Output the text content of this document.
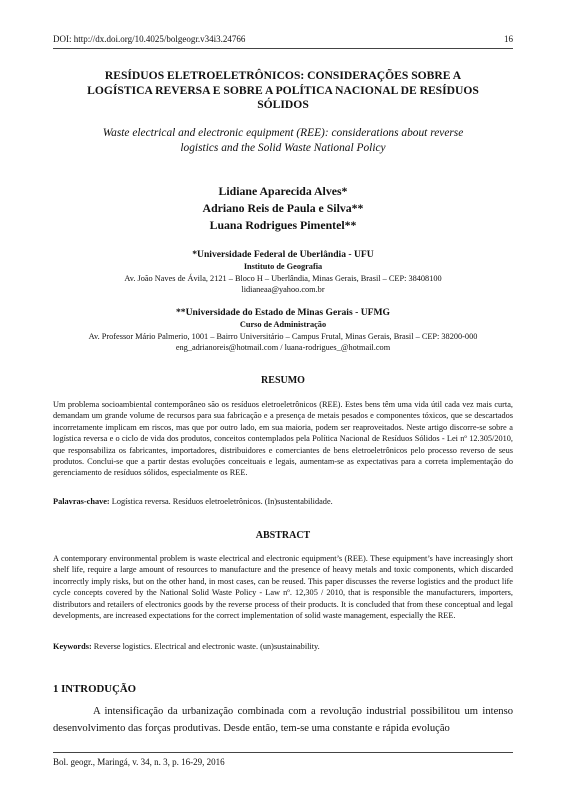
DOI: http://dx.doi.org/10.4025/bolgeogr.v34i3.24766	16
RESÍDUOS ELETROELETRÔNICOS: CONSIDERAÇÕES SOBRE A
LOGÍSTICA REVERSA E SOBRE A POLÍTICA NACIONAL DE RESÍDUOS
SÓLIDOS
Waste electrical and electronic equipment (REE): considerations about reverse
logistics and the Solid Waste National Policy
Lidiane Aparecida Alves*
Adriano Reis de Paula e Silva**
Luana Rodrigues Pimentel**
*Universidade Federal de Uberlândia - UFU
Instituto de Geografia
Av. João Naves de Ávila, 2121 – Bloco H – Uberlândia, Minas Gerais, Brasil – CEP: 38408100
lidianeaa@yahoo.com.br
**Universidade do Estado de Minas Gerais - UFMG
Curso de Administração
Av. Professor Mário Palmerio, 1001 – Bairro Universitário – Campus Frutal, Minas Gerais, Brasil – CEP: 38200-000
eng_adrianoreis@hotmail.com / luana-rodrigues_@hotmail.com
RESUMO
Um problema socioambiental contemporâneo são os resíduos eletroeletrônicos (REE). Estes bens têm uma vida útil cada vez mais curta, demandam um grande volume de recursos para sua fabricação e a presença de metais pesados e componentes tóxicos, que se descartados incorretamente implicam em riscos, mas que por outro lado, em sua maioria, podem ser reaproveitados. Neste artigo discorre-se sobre a logística reversa e o ciclo de vida dos produtos, conceitos contemplados pela Política Nacional de Resíduos Sólidos - Lei nº 12.305/2010, que responsabiliza os fabricantes, importadores, distribuidores e comerciantes de bens eletroeletrônicos pelo processo reverso de seus produtos. Conclui-se que a partir destas evoluções conceituais e legais, aumentam-se as expectativas para a correta implementação do gerenciamento de resíduos sólidos, especialmente os REE.
Palavras-chave: Logística reversa. Resíduos eletroeletrônicos. (In)sustentabilidade.
ABSTRACT
A contemporary environmental problem is waste electrical and electronic equipment’s (REE). These equipment’s have increasingly short shelf life, require a large amount of resources to manufacture and the presence of heavy metals and toxic components, which discarded incorrectly imply risks, but on the other hand, in most cases, can be reused. This paper discusses the reverse logistics and the product life cycle concepts covered by the National Solid Waste Policy - Law nº. 12,305 / 2010, that is responsible the manufacturers, importers, distributors and retailers of electronics goods by the reverse process of their products. It is concluded that from these conceptual and legal developments, are increased expectations for the correct implementation of solid waste management, especially the REE.
Keywords: Reverse logistics. Electrical and electronic waste. (un)sustainability.
1 INTRODUÇÃO
A intensificação da urbanização combinada com a revolução industrial possibilitou um intenso desenvolvimento das forças produtivas. Desde então, tem-se uma constante e rápida evolução
Bol. geogr., Maringá, v. 34, n. 3, p. 16-29, 2016
